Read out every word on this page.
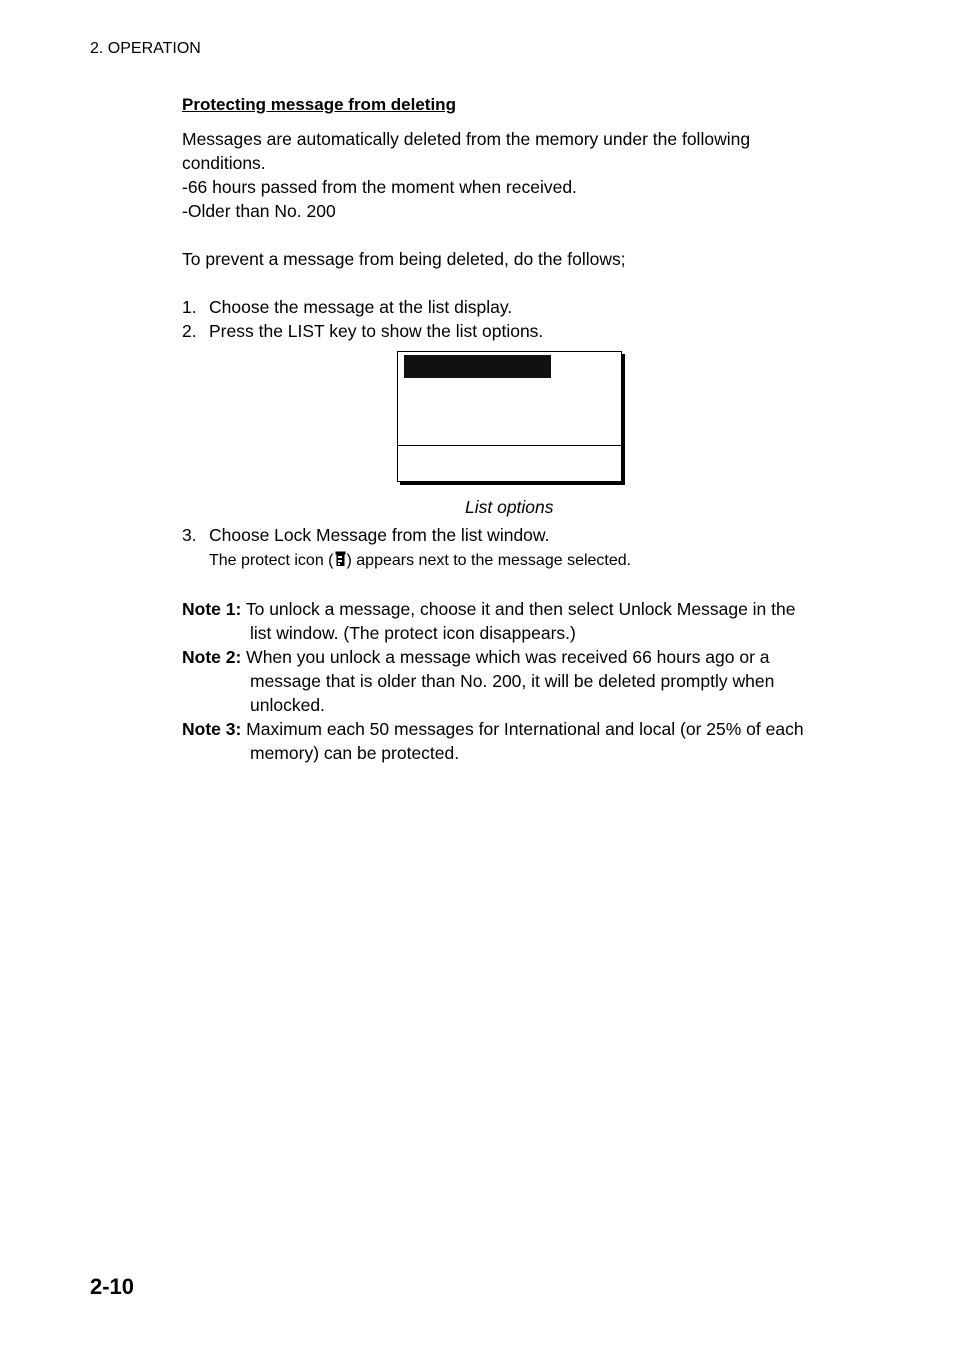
2. OPERATION
Protecting message from deleting
Messages are automatically deleted from the memory under the following
conditions.
-66 hours passed from the moment when received.
-Older than No. 200
To prevent a message from being deleted, do the follows;
1. Choose the message at the list display.
2. Press the LIST key to show the list options.
List options
3. Choose Lock Message from the list window.
The protect icon ( ) appears next to the message selected.
Note 1: To unlock a message, choose it and then select Unlock Message in the
list window. (The protect icon disappears.)
Note 2: When you unlock a message which was received 66 hours ago or a
message that is older than No. 200, it will be deleted promptly when
unlocked.
Note 3: Maximum each 50 messages for International and local (or 25% of each
memory) can be protected.
2-10
